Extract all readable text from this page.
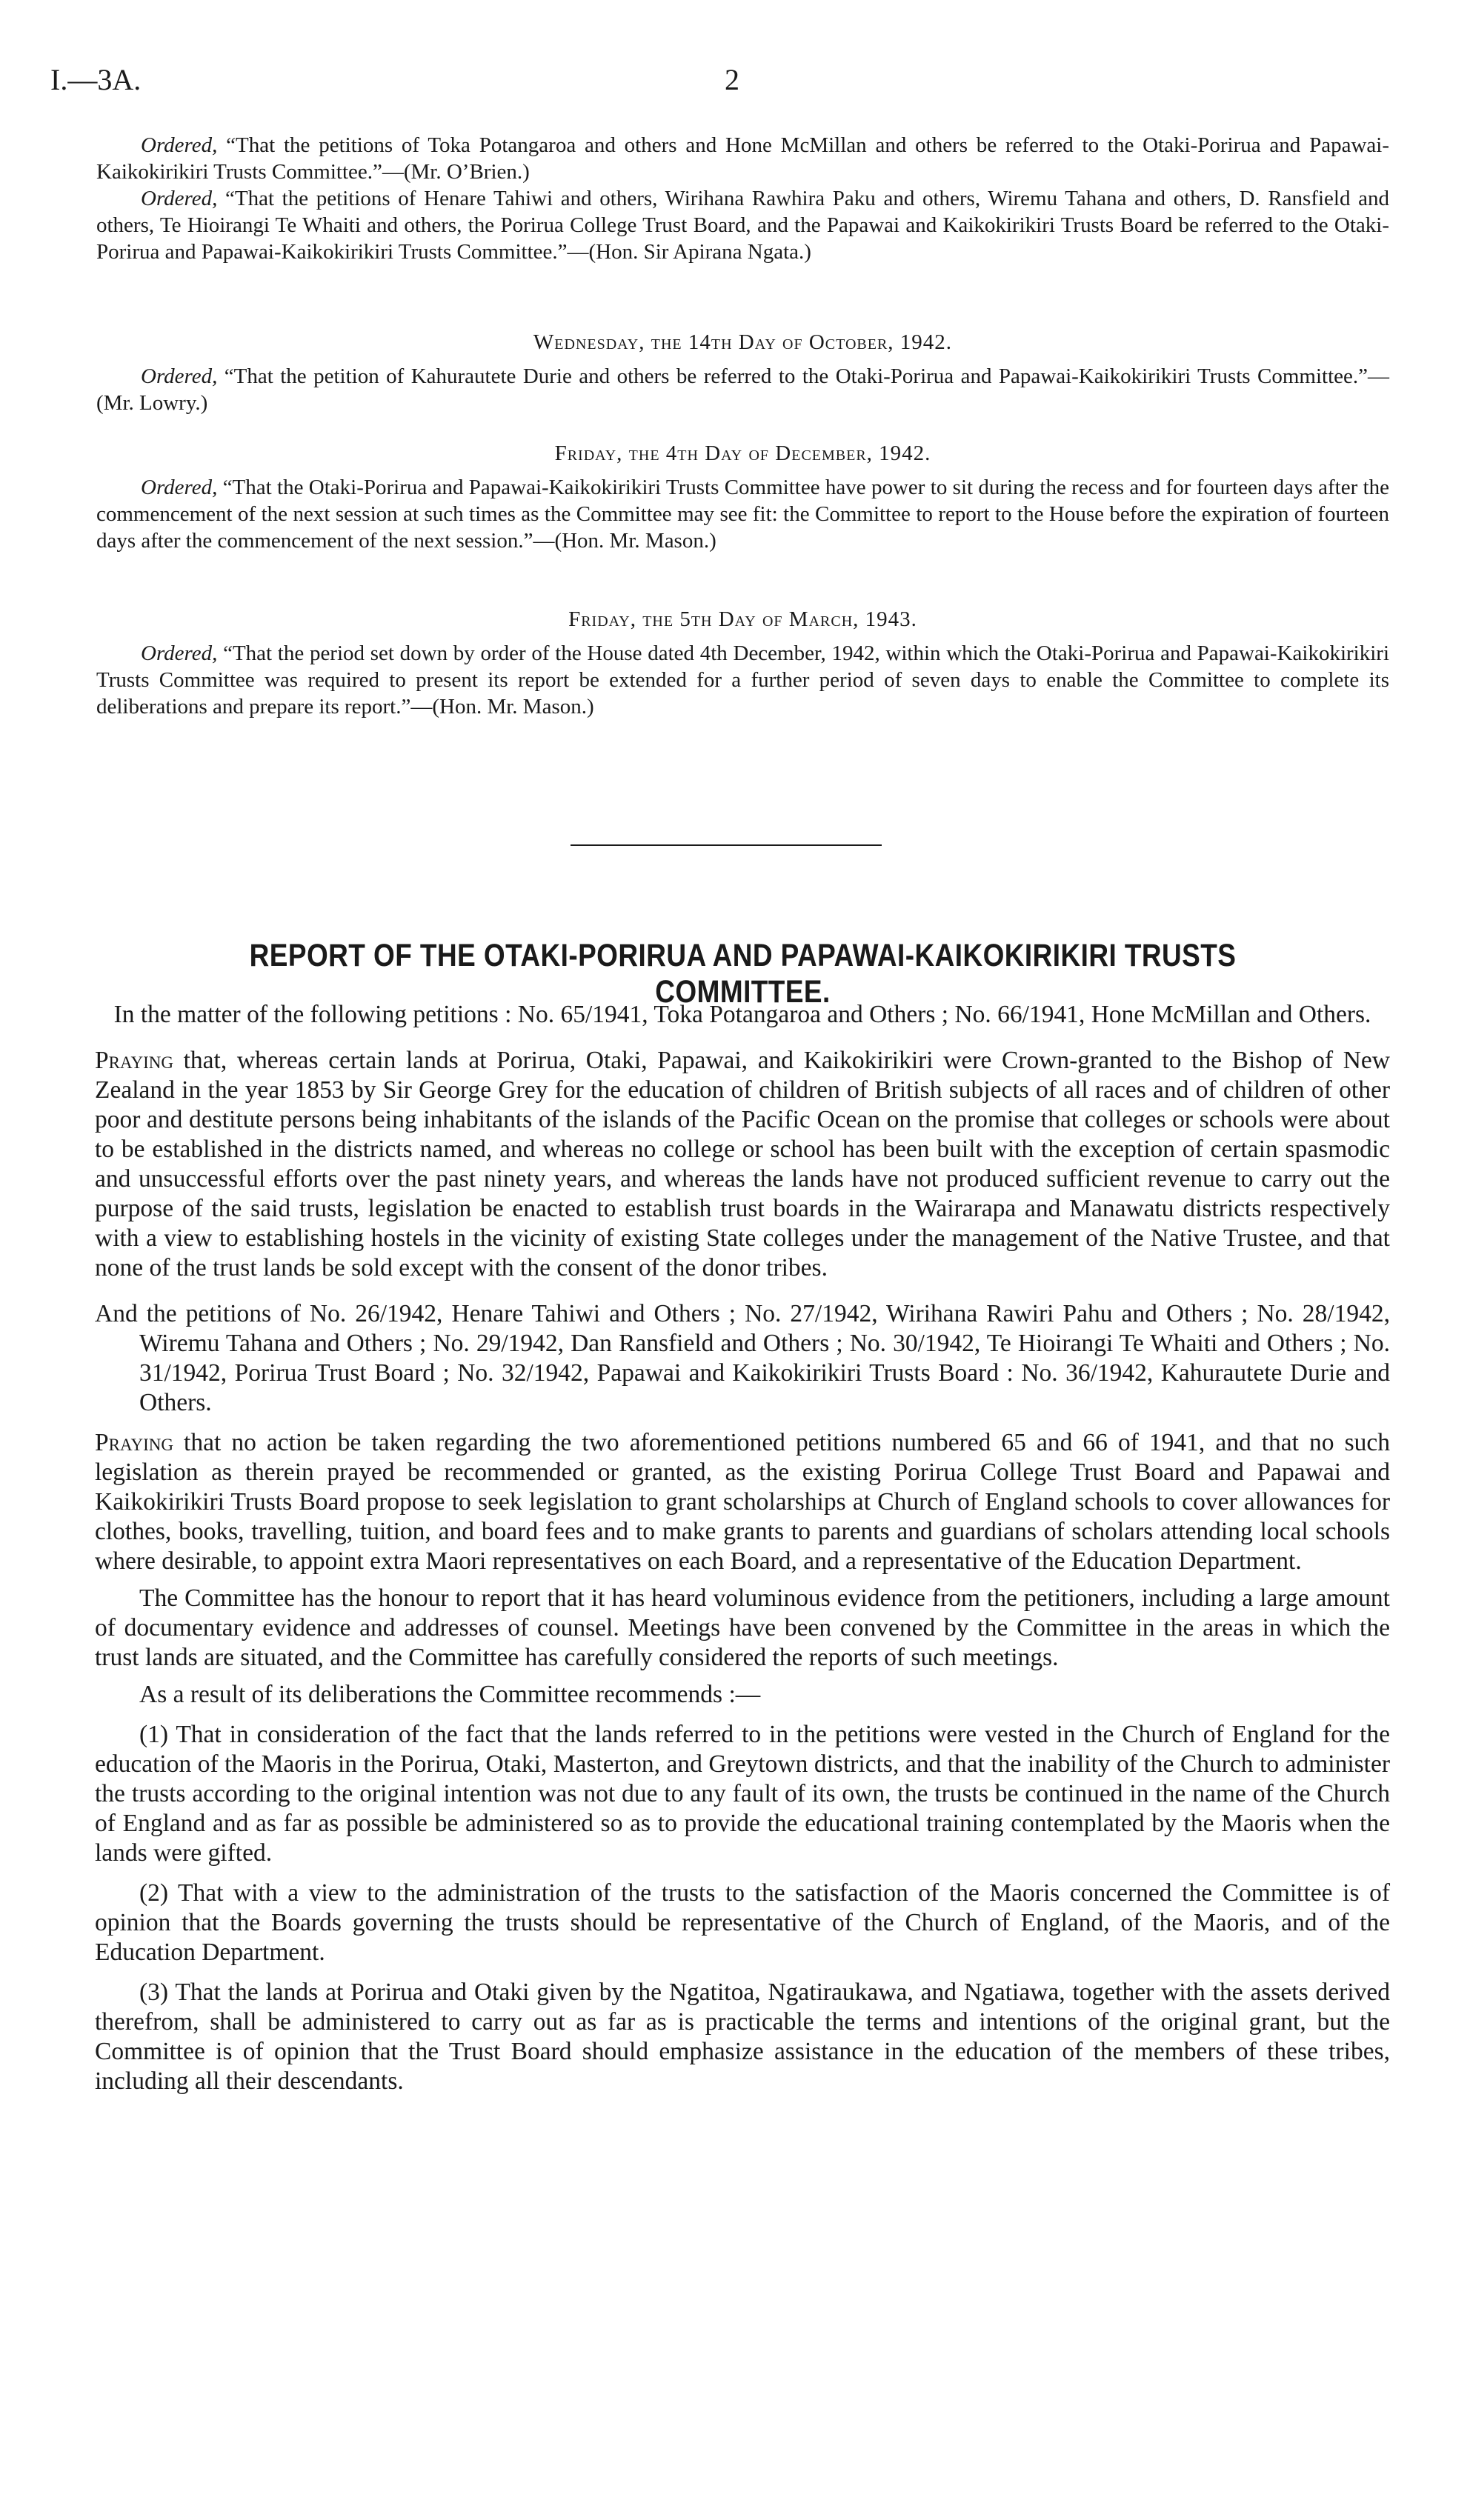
I.—3A.	2

Ordered, “That the petitions of Toka Potangaroa and others and Hone McMillan and others be referred to the Otaki-Porirua and Papawai-Kaikokirikiri Trusts Committee.”—(Mr. O’Brien.)

Ordered, “That the petitions of Henare Tahiwi and others, Wirihana Rawhira Paku and others, Wiremu Tahana and others, D. Ransfield and others, Te Hioirangi Te Whaiti and others, the Porirua College Trust Board, and the Papawai and Kaikokirikiri Trusts Board be referred to the Otaki-Porirua and Papawai-Kaikokirikiri Trusts Committee.”—(Hon. Sir Apirana Ngata.)

Wednesday, the 14th Day of October, 1942.

Ordered, “That the petition of Kahurautete Durie and others be referred to the Otaki-Porirua and Papawai-Kaikokirikiri Trusts Committee.”—(Mr. Lowry.)

Friday, the 4th Day of December, 1942.

Ordered, “That the Otaki-Porirua and Papawai-Kaikokirikiri Trusts Committee have power to sit during the recess and for fourteen days after the commencement of the next session at such times as the Committee may see fit: the Committee to report to the House before the expiration of fourteen days after the commencement of the next session.”—(Hon. Mr. Mason.)

Friday, the 5th Day of March, 1943.

Ordered, “That the period set down by order of the House dated 4th December, 1942, within which the Otaki-Porirua and Papawai-Kaikokirikiri Trusts Committee was required to present its report be extended for a further period of seven days to enable the Committee to complete its deliberations and prepare its report.”—(Hon. Mr. Mason.)

REPORT OF THE OTAKI-PORIRUA AND PAPAWAI-KAIKOKIRIKIRI TRUSTS COMMITTEE.

In the matter of the following petitions : No. 65/1941, Toka Potangaroa and Others ; No. 66/1941, Hone McMillan and Others.

Praying that, whereas certain lands at Porirua, Otaki, Papawai, and Kaikokirikiri were Crown-granted to the Bishop of New Zealand in the year 1853 by Sir George Grey for the education of children of British subjects of all races and of children of other poor and destitute persons being inhabitants of the islands of the Pacific Ocean on the promise that colleges or schools were about to be established in the districts named, and whereas no college or school has been built with the exception of certain spasmodic and unsuccessful efforts over the past ninety years, and whereas the lands have not produced sufficient revenue to carry out the purpose of the said trusts, legislation be enacted to establish trust boards in the Wairarapa and Manawatu districts respectively with a view to establishing hostels in the vicinity of existing State colleges under the management of the Native Trustee, and that none of the trust lands be sold except with the consent of the donor tribes.

And the petitions of No. 26/1942, Henare Tahiwi and Others ; No. 27/1942, Wirihana Rawiri Pahu and Others ; No. 28/1942, Wiremu Tahana and Others ; No. 29/1942, Dan Ransfield and Others ; No. 30/1942, Te Hioirangi Te Whaiti and Others ; No. 31/1942, Porirua Trust Board ; No. 32/1942, Papawai and Kaikokirikiri Trusts Board : No. 36/1942, Kahurautete Durie and Others.

Praying that no action be taken regarding the two aforementioned petitions numbered 65 and 66 of 1941, and that no such legislation as therein prayed be recommended or granted, as the existing Porirua College Trust Board and Papawai and Kaikokirikiri Trusts Board propose to seek legislation to grant scholarships at Church of England schools to cover allowances for clothes, books, travelling, tuition, and board fees and to make grants to parents and guardians of scholars attending local schools where desirable, to appoint extra Maori representatives on each Board, and a representative of the Education Department.

The Committee has the honour to report that it has heard voluminous evidence from the petitioners, including a large amount of documentary evidence and addresses of counsel. Meetings have been convened by the Committee in the areas in which the trust lands are situated, and the Committee has carefully considered the reports of such meetings.

As a result of its deliberations the Committee recommends :—

(1) That in consideration of the fact that the lands referred to in the petitions were vested in the Church of England for the education of the Maoris in the Porirua, Otaki, Masterton, and Greytown districts, and that the inability of the Church to administer the trusts according to the original intention was not due to any fault of its own, the trusts be continued in the name of the Church of England and as far as possible be administered so as to provide the educational training contemplated by the Maoris when the lands were gifted.

(2) That with a view to the administration of the trusts to the satisfaction of the Maoris concerned the Committee is of opinion that the Boards governing the trusts should be representative of the Church of England, of the Maoris, and of the Education Department.

(3) That the lands at Porirua and Otaki given by the Ngatitoa, Ngatiraukawa, and Ngatiawa, together with the assets derived therefrom, shall be administered to carry out as far as is practicable the terms and intentions of the original grant, but the Committee is of opinion that the Trust Board should emphasize assistance in the education of the members of these tribes, including all their descendants.
